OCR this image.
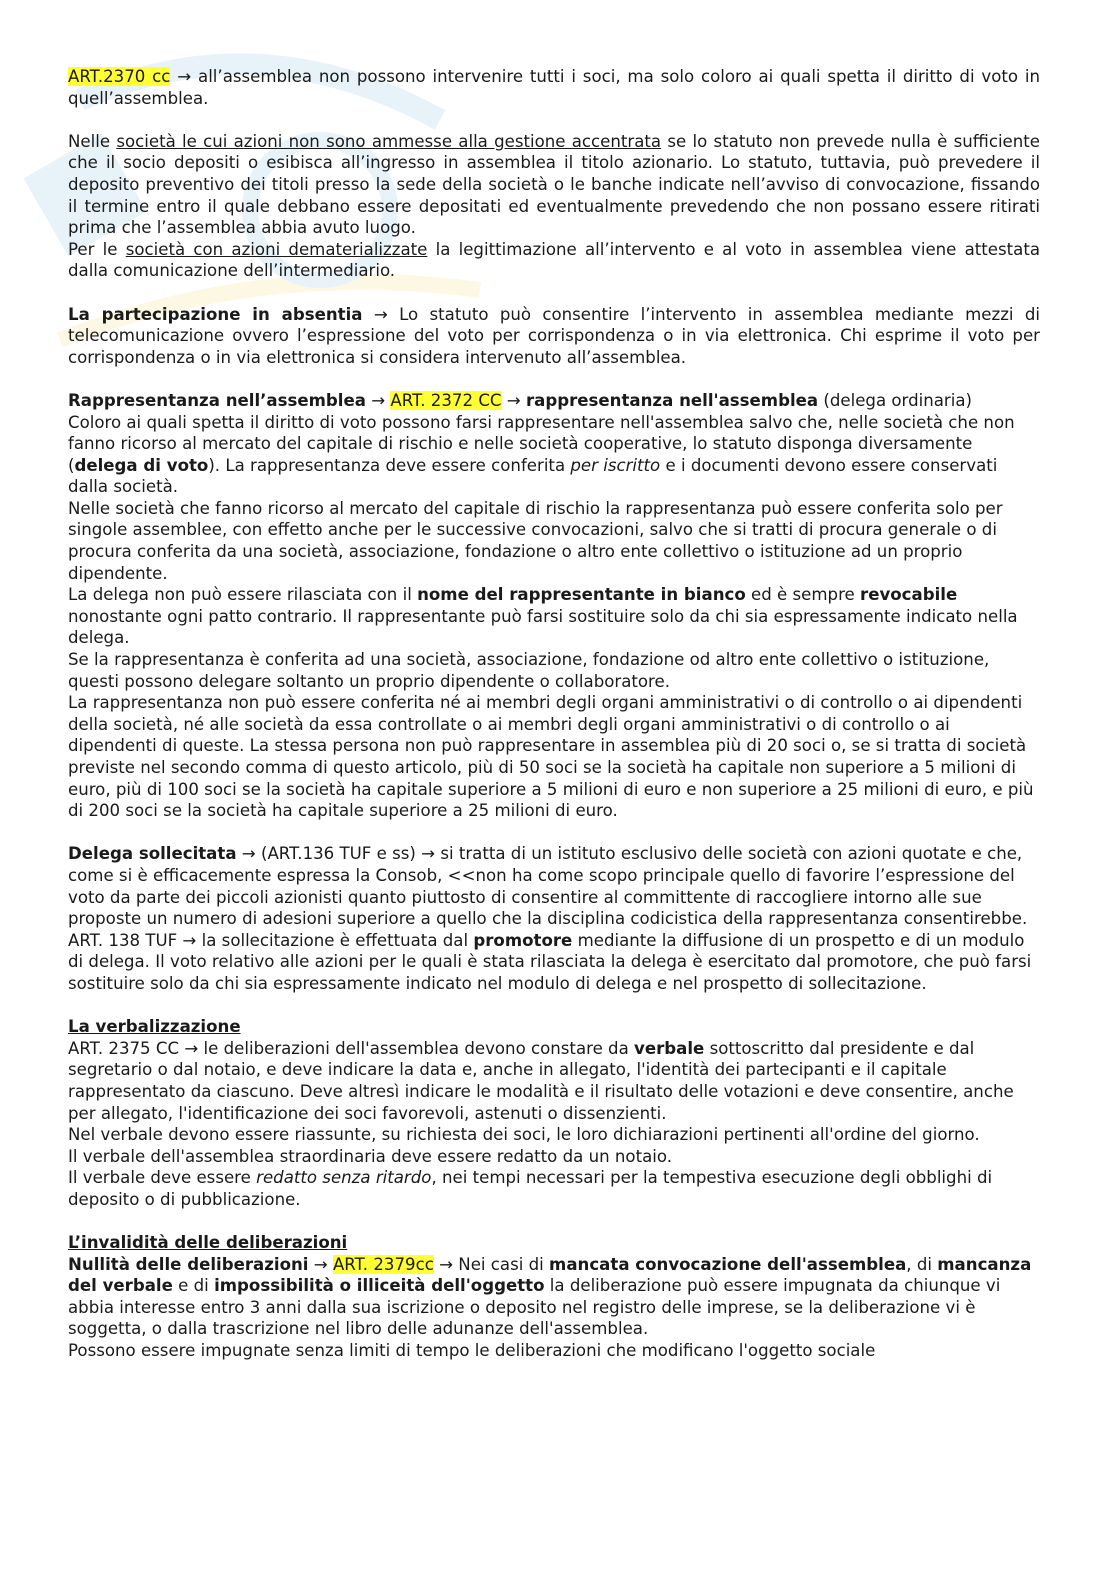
ART.2370 cc → all’assemblea non possono intervenire tutti i soci, ma solo coloro ai quali spetta il diritto di voto in quell’assemblea.

Nelle società le cui azioni non sono ammesse alla gestione accentrata se lo statuto non prevede nulla è sufficiente che il socio depositi o esibisca all’ingresso in assemblea il titolo azionario. Lo statuto, tuttavia, può prevedere il deposito preventivo dei titoli presso la sede della società o le banche indicate nell’avviso di convocazione, fissando il termine entro il quale debbano essere depositati ed eventualmente prevedendo che non possano essere ritirati prima che l’assemblea abbia avuto luogo.

Per le società con azioni dematerializzate la legittimazione all’intervento e al voto in assemblea viene attestata dalla comunicazione dell’intermediario.

La partecipazione in absentia → Lo statuto può consentire l’intervento in assemblea mediante mezzi di telecomunicazione ovvero l’espressione del voto per corrispondenza o in via elettronica. Chi esprime il voto per corrispondenza o in via elettronica si considera intervenuto all’assemblea.

Rappresentanza nell’assemblea → ART. 2372 CC → rappresentanza nell'assemblea (delega ordinaria)

Coloro ai quali spetta il diritto di voto possono farsi rappresentare nell'assemblea salvo che, nelle società che non fanno ricorso al mercato del capitale di rischio e nelle società cooperative, lo statuto disponga diversamente (delega di voto). La rappresentanza deve essere conferita per iscritto e i documenti devono essere conservati dalla società.

Nelle società che fanno ricorso al mercato del capitale di rischio la rappresentanza può essere conferita solo per singole assemblee, con effetto anche per le successive convocazioni, salvo che si tratti di procura generale o di procura conferita da una società, associazione, fondazione o altro ente collettivo o istituzione ad un proprio dipendente.

La delega non può essere rilasciata con il nome del rappresentante in bianco ed è sempre revocabile nonostante ogni patto contrario. Il rappresentante può farsi sostituire solo da chi sia espressamente indicato nella delega.

Se la rappresentanza è conferita ad una società, associazione, fondazione od altro ente collettivo o istituzione, questi possono delegare soltanto un proprio dipendente o collaboratore.

La rappresentanza non può essere conferita né ai membri degli organi amministrativi o di controllo o ai dipendenti della società, né alle società da essa controllate o ai membri degli organi amministrativi o di controllo o ai dipendenti di queste. La stessa persona non può rappresentare in assemblea più di 20 soci o, se si tratta di società previste nel secondo comma di questo articolo, più di 50 soci se la società ha capitale non superiore a 5 milioni di euro, più di 100 soci se la società ha capitale superiore a 5 milioni di euro e non superiore a 25 milioni di euro, e più di 200 soci se la società ha capitale superiore a 25 milioni di euro.

Delega sollecitata → (ART.136 TUF e ss) → si tratta di un istituto esclusivo delle società con azioni quotate e che, come si è efficacemente espressa la Consob, <<non ha come scopo principale quello di favorire l’espressione del voto da parte dei piccoli azionisti quanto piuttosto di consentire al committente di raccogliere intorno alle sue proposte un numero di adesioni superiore a quello che la disciplina codicistica della rappresentanza consentirebbe.

ART. 138 TUF → la sollecitazione è effettuata dal promotore mediante la diffusione di un prospetto e di un modulo di delega. Il voto relativo alle azioni per le quali è stata rilasciata la delega è esercitato dal promotore, che può farsi sostituire solo da chi sia espressamente indicato nel modulo di delega e nel prospetto di sollecitazione.

La verbalizzazione

ART. 2375 CC → le deliberazioni dell'assemblea devono constare da verbale sottoscritto dal presidente e dal segretario o dal notaio, e deve indicare la data e, anche in allegato, l'identità dei partecipanti e il capitale rappresentato da ciascuno. Deve altresì indicare le modalità e il risultato delle votazioni e deve consentire, anche per allegato, l'identificazione dei soci favorevoli, astenuti o dissenzienti.

Nel verbale devono essere riassunte, su richiesta dei soci, le loro dichiarazioni pertinenti all'ordine del giorno.

Il verbale dell'assemblea straordinaria deve essere redatto da un notaio.

Il verbale deve essere redatto senza ritardo, nei tempi necessari per la tempestiva esecuzione degli obblighi di deposito o di pubblicazione.

L’invalidità delle deliberazioni

Nullità delle deliberazioni → ART. 2379cc → Nei casi di mancata convocazione dell'assemblea, di mancanza del verbale e di impossibilità o illiceità dell'oggetto la deliberazione può essere impugnata da chiunque vi abbia interesse entro 3 anni dalla sua iscrizione o deposito nel registro delle imprese, se la deliberazione vi è soggetta, o dalla trascrizione nel libro delle adunanze dell'assemblea.

Possono essere impugnate senza limiti di tempo le deliberazioni che modificano l'oggetto sociale
